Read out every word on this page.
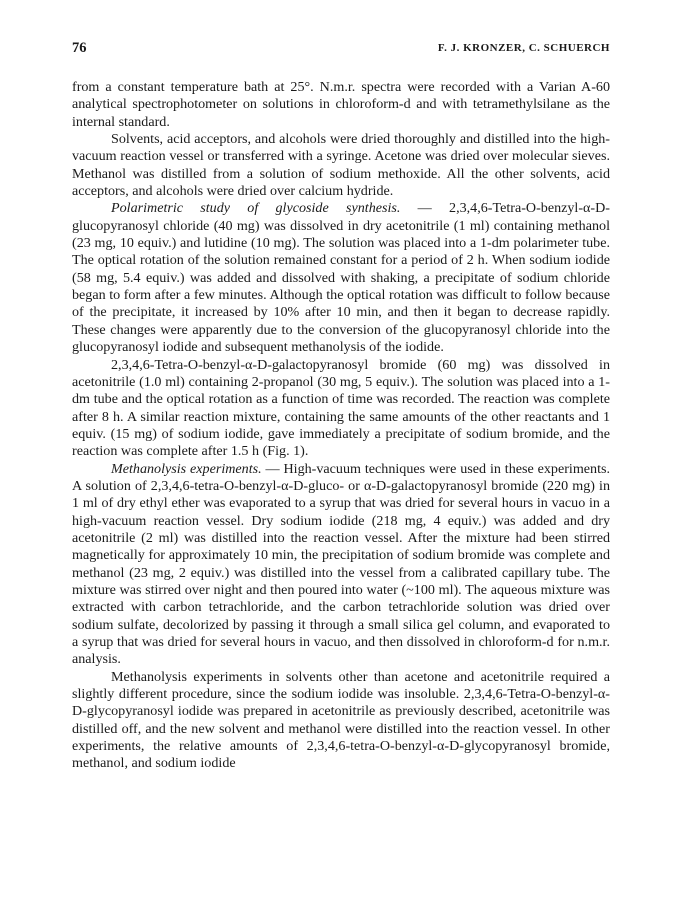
76	F. J. KRONZER, C. SCHUERCH

from a constant temperature bath at 25°. N.m.r. spectra were recorded with a Varian A-60 analytical spectrophotometer on solutions in chloroform-d and with tetramethylsilane as the internal standard.

Solvents, acid acceptors, and alcohols were dried thoroughly and distilled into the high-vacuum reaction vessel or transferred with a syringe. Acetone was dried over molecular sieves. Methanol was distilled from a solution of sodium methoxide. All the other solvents, acid acceptors, and alcohols were dried over calcium hydride.

Polarimetric study of glycoside synthesis. — 2,3,4,6-Tetra-O-benzyl-α-D-glucopyranosyl chloride (40 mg) was dissolved in dry acetonitrile (1 ml) containing methanol (23 mg, 10 equiv.) and lutidine (10 mg). The solution was placed into a 1-dm polarimeter tube. The optical rotation of the solution remained constant for a period of 2 h. When sodium iodide (58 mg, 5.4 equiv.) was added and dissolved with shaking, a precipitate of sodium chloride began to form after a few minutes. Although the optical rotation was difficult to follow because of the precipitate, it increased by 10% after 10 min, and then it began to decrease rapidly. These changes were apparently due to the conversion of the glucopyranosyl chloride into the glucopyranosyl iodide and subsequent methanolysis of the iodide.

2,3,4,6-Tetra-O-benzyl-α-D-galactopyranosyl bromide (60 mg) was dissolved in acetonitrile (1.0 ml) containing 2-propanol (30 mg, 5 equiv.). The solution was placed into a 1-dm tube and the optical rotation as a function of time was recorded. The reaction was complete after 8 h. A similar reaction mixture, containing the same amounts of the other reactants and 1 equiv. (15 mg) of sodium iodide, gave immediately a precipitate of sodium bromide, and the reaction was complete after 1.5 h (Fig. 1).

Methanolysis experiments. — High-vacuum techniques were used in these experiments. A solution of 2,3,4,6-tetra-O-benzyl-α-D-gluco- or α-D-galactopyranosyl bromide (220 mg) in 1 ml of dry ethyl ether was evaporated to a syrup that was dried for several hours in vacuo in a high-vacuum reaction vessel. Dry sodium iodide (218 mg, 4 equiv.) was added and dry acetonitrile (2 ml) was distilled into the reaction vessel. After the mixture had been stirred magnetically for approximately 10 min, the precipitation of sodium bromide was complete and methanol (23 mg, 2 equiv.) was distilled into the vessel from a calibrated capillary tube. The mixture was stirred over night and then poured into water (~100 ml). The aqueous mixture was extracted with carbon tetrachloride, and the carbon tetrachloride solution was dried over sodium sulfate, decolorized by passing it through a small silica gel column, and evaporated to a syrup that was dried for several hours in vacuo, and then dissolved in chloroform-d for n.m.r. analysis.

Methanolysis experiments in solvents other than acetone and acetonitrile required a slightly different procedure, since the sodium iodide was insoluble. 2,3,4,6-Tetra-O-benzyl-α-D-glycopyranosyl iodide was prepared in acetonitrile as previously described, acetonitrile was distilled off, and the new solvent and methanol were distilled into the reaction vessel. In other experiments, the relative amounts of 2,3,4,6-tetra-O-benzyl-α-D-glycopyranosyl bromide, methanol, and sodium iodide
